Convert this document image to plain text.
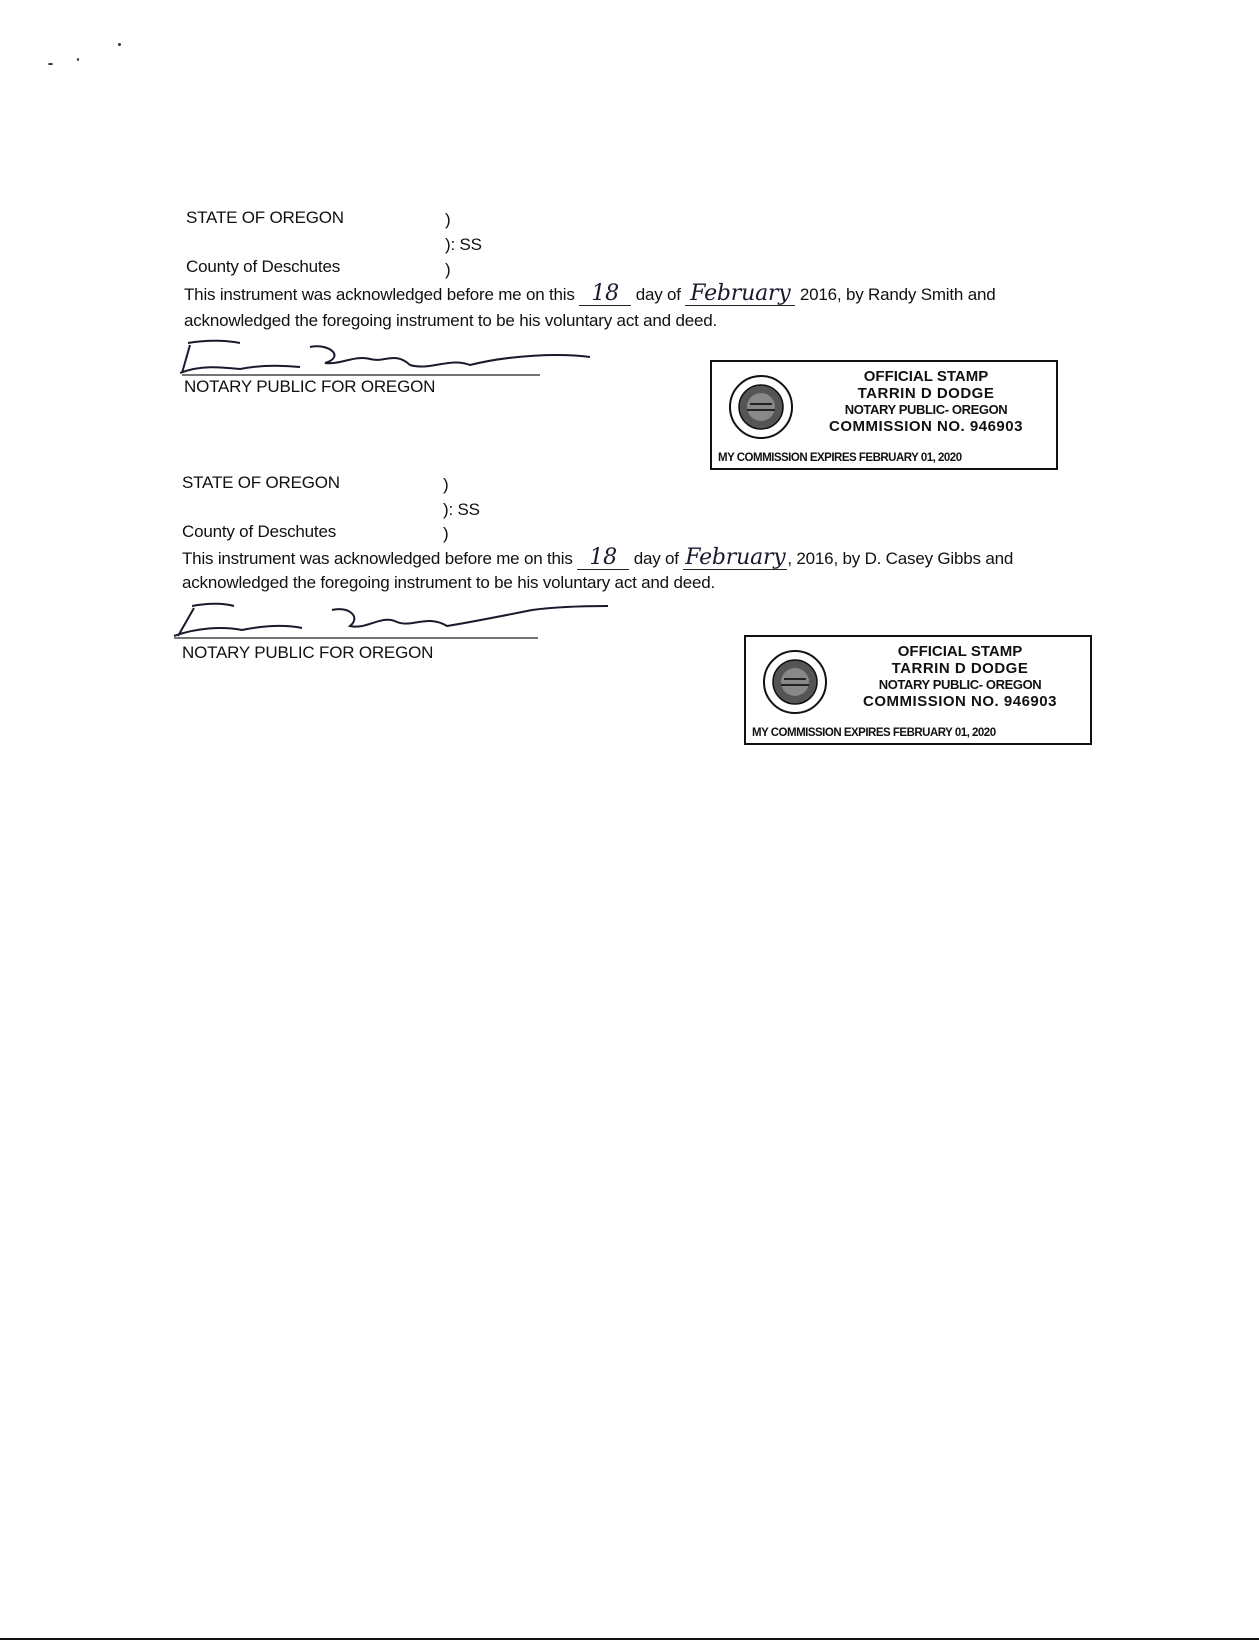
STATE OF OREGON	)
): SS
County of Deschutes	)
This instrument was acknowledged before me on this 18 day of February 2016, by Randy Smith and
acknowledged the foregoing instrument to be his voluntary act and deed.
NOTARY PUBLIC FOR OREGON
OFFICIAL STAMP
TARRIN D DODGE
NOTARY PUBLIC- OREGON
COMMISSION NO. 946903
MY COMMISSION EXPIRES FEBRUARY 01, 2020
STATE OF OREGON	)
): SS
County of Deschutes	)
This instrument was acknowledged before me on this 18 day of February , 2016, by D. Casey Gibbs and
acknowledged the foregoing instrument to be his voluntary act and deed.
NOTARY PUBLIC FOR OREGON	OFFICIAL STAMP
TARRIN D DODGE
NOTARY PUBLIC- OREGON
COMMISSION NO. 946903
MY COMMISSION EXPIRES FEBRUARY 01, 2020
